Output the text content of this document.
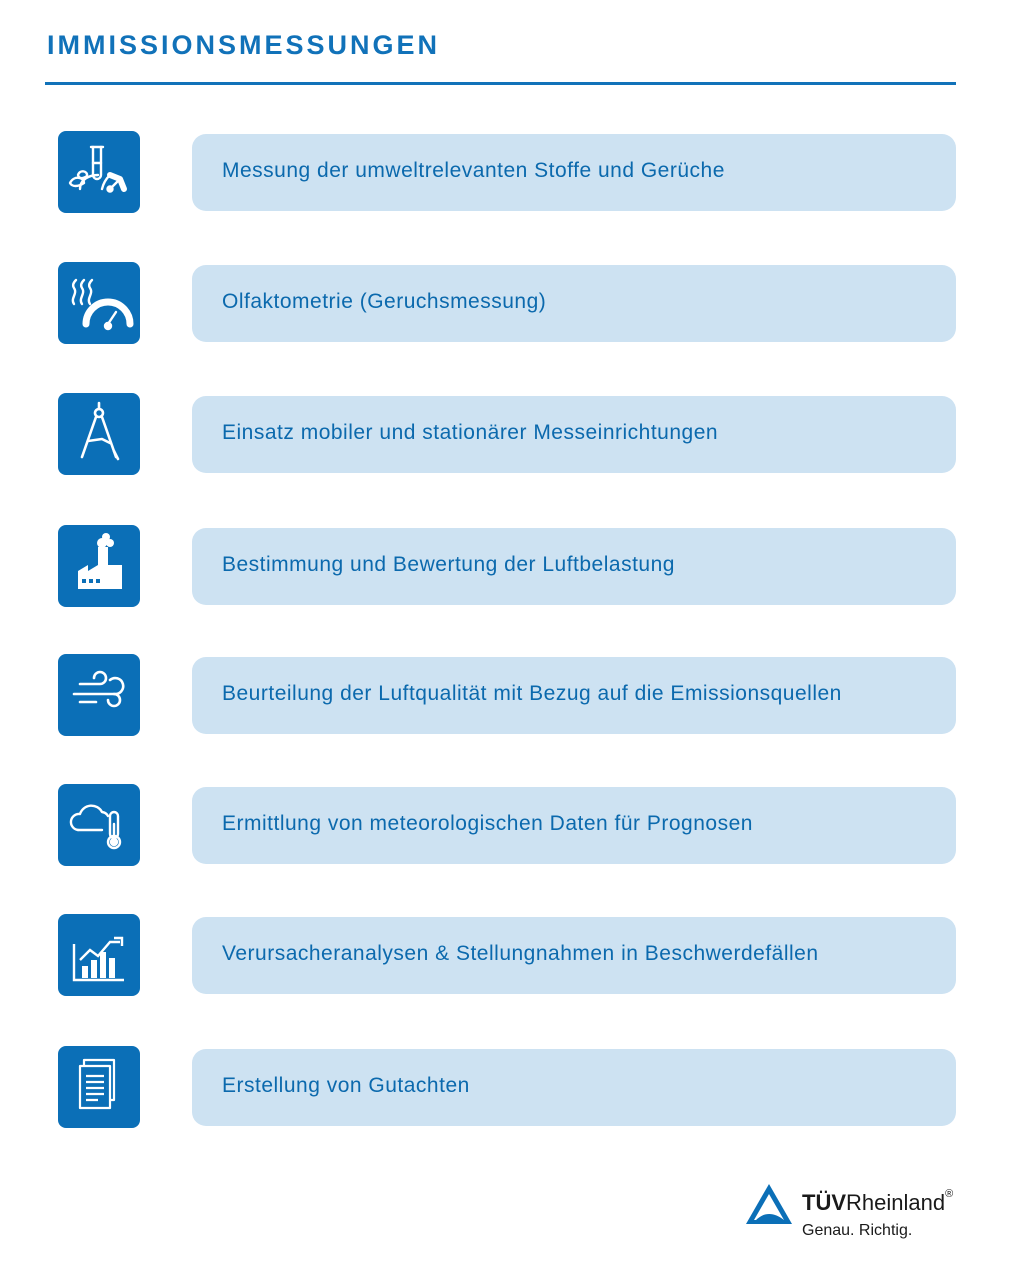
IMMISSIONSMESSUNGEN
Messung der umweltrelevanten Stoffe und Gerüche
Olfaktometrie (Geruchsmessung)
Einsatz mobiler und stationärer Messeinrichtungen
Bestimmung und Bewertung der Luftbelastung
Beurteilung der Luftqualität mit Bezug auf die Emissionsquellen
Ermittlung von meteorologischen Daten für Prognosen
Verursacheranalysen & Stellungnahmen in Beschwerdefällen
Erstellung von Gutachten
TÜVRheinland®
Genau. Richtig.
